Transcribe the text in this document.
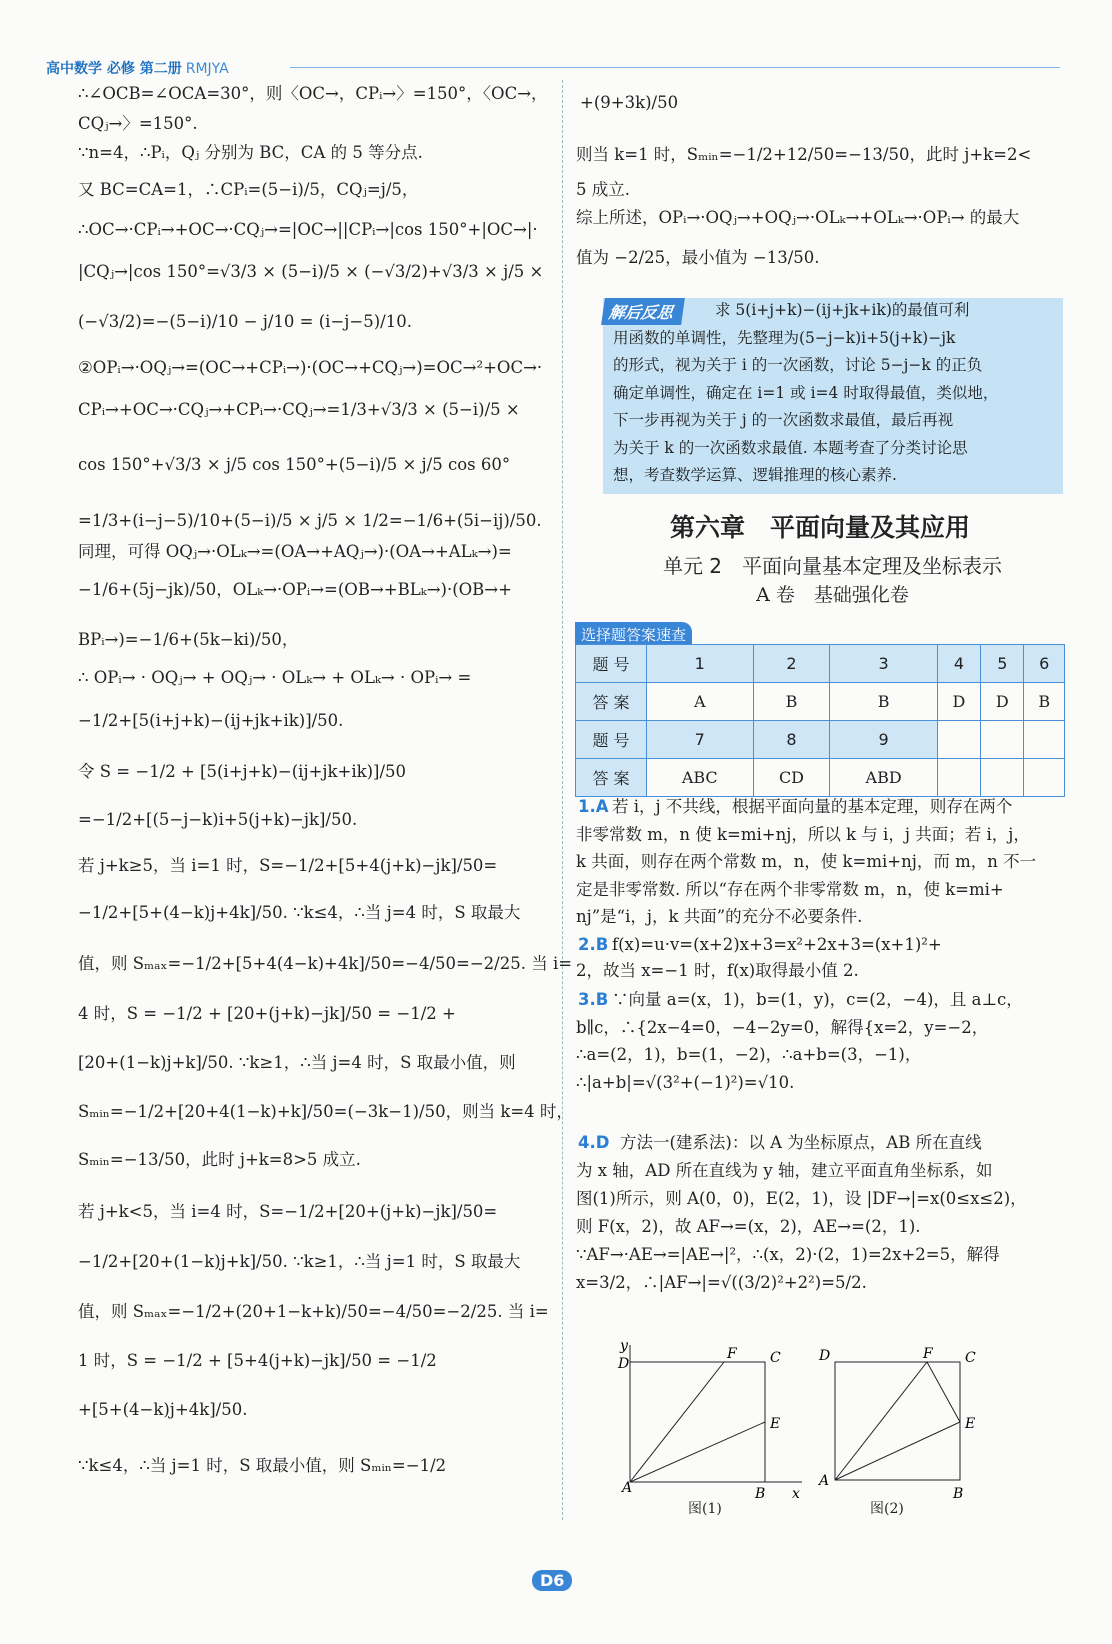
高中数学 必修 第二册 RMJYA
解后反思	求 5(i+j+k)−(ij+jk+ik)的最值可利
用函数的单调性，先整理为(5−j−k)i+5(j+k)−jk
的形式，视为关于 i 的一次函数，讨论 5−j−k 的正负
确定单调性，确定在 i=1 或 i=4 时取得最值，类似地，
下一步再视为关于 j 的一次函数求最值，最后再视
为关于 k 的一次函数求最值. 本题考查了分类讨论思
想，考查数学运算、逻辑推理的核心素养.
第六章　平面向量及其应用
单元 2　平面向量基本定理及坐标表示
A 卷　基础强化卷
选择题答案速查
题 号	1	2	3	4	5	6
答 案	A	B	B	D	D	B
题 号	7	8	9			
答 案	ABC	CD	ABD			
1.A 若 i，j 不共线，根据平面向量的基本定理，则存在两个
非零常数 m，n 使 k=mi+nj，所以 k 与 i，j 共面；若 i，j，
k 共面，则存在两个常数 m，n，使 k=mi+nj，而 m，n 不一
定是非零常数. 所以“存在两个非零常数 m，n，使 k=mi+
nj”是“i，j，k 共面”的充分不必要条件.
2.B f(x)=u·v=(x+2)x+3=x²+2x+3=(x+1)²+
2，故当 x=−1 时，f(x)取得最小值 2.
3.B ∵向量 a=(x，1)，b=(1，y)，c=(2，−4)，且 a⊥c，
b∥c，∴{2x−4=0，−4−2y=0，解得{x=2，y=−2，
∴a=(2，1)，b=(1，−2)，∴a+b=(3，−1)，
∴|a+b|=√(3²+(−1)²)=√10.
4.D 方法一(建系法)：以 A 为坐标原点，AB 所在直线
为 x 轴，AD 所在直线为 y 轴，建立平面直角坐标系，如
图(1)所示，则 A(0，0)，E(2，1)，设 |DF→|=x(0≤x≤2)，
则 F(x，2)，故 AF→=(x，2)，AE→=(2，1).
∵AF→·AE→=|AE→|²，∴(x，2)·(2，1)=2x+2=5，解得
x=3/2，∴|AF→|=√((3/2)²+2²)=5/2.
y
D
F C
E
A	B x
D	F C
E
A
B
图(1)	图(2)
D6
∴∠OCB=∠OCA=30°，则〈OC→，CPᵢ→〉=150°，〈OC→，
CQⱼ→〉=150°.
∵n=4，∴Pᵢ，Qⱼ 分别为 BC，CA 的 5 等分点.
又 BC=CA=1，∴CPᵢ=(5−i)/5，CQⱼ=j/5，
∴OC→·CPᵢ→+OC→·CQⱼ→=|OC→||CPᵢ→|cos 150°+|OC→|·
|CQⱼ→|cos 150°=√3/3 × (5−i)/5 × (−√3/2)+√3/3 × j/5 ×
(−√3/2)=−(5−i)/10 − j/10 = (i−j−5)/10.
②OPᵢ→·OQⱼ→=(OC→+CPᵢ→)·(OC→+CQⱼ→)=OC→²+OC→·
CPᵢ→+OC→·CQⱼ→+CPᵢ→·CQⱼ→=1/3+√3/3 × (5−i)/5 ×
cos 150°+√3/3 × j/5 cos 150°+(5−i)/5 × j/5 cos 60°
=1/3+(i−j−5)/10+(5−i)/5 × j/5 × 1/2=−1/6+(5i−ij)/50.
同理，可得 OQⱼ→·OLₖ→=(OA→+AQⱼ→)·(OA→+ALₖ→)=
−1/6+(5j−jk)/50，OLₖ→·OPᵢ→=(OB→+BLₖ→)·(OB→+
BPᵢ→)=−1/6+(5k−ki)/50，
∴ OPᵢ→ · OQⱼ→ + OQⱼ→ · OLₖ→ + OLₖ→ · OPᵢ→ =
−1/2+[5(i+j+k)−(ij+jk+ik)]/50.
令 S = −1/2 + [5(i+j+k)−(ij+jk+ik)]/50
=−1/2+[(5−j−k)i+5(j+k)−jk]/50.
若 j+k≥5，当 i=1 时，S=−1/2+[5+4(j+k)−jk]/50=
−1/2+[5+(4−k)j+4k]/50. ∵k≤4，∴当 j=4 时，S 取最大
值，则 Sₘₐₓ=−1/2+[5+4(4−k)+4k]/50=−4/50=−2/25. 当 i=
4 时，S = −1/2 + [20+(j+k)−jk]/50 = −1/2 +
[20+(1−k)j+k]/50. ∵k≥1，∴当 j=4 时，S 取最小值，则
Sₘᵢₙ=−1/2+[20+4(1−k)+k]/50=(−3k−1)/50，则当 k=4 时，
Sₘᵢₙ=−13/50，此时 j+k=8>5 成立.
若 j+k<5，当 i=4 时，S=−1/2+[20+(j+k)−jk]/50=
−1/2+[20+(1−k)j+k]/50. ∵k≥1，∴当 j=1 时，S 取最大
值，则 Sₘₐₓ=−1/2+(20+1−k+k)/50=−4/50=−2/25. 当 i=
1 时，S = −1/2 + [5+4(j+k)−jk]/50 = −1/2
+[5+(4−k)j+4k]/50.
∵k≤4，∴当 j=1 时，S 取最小值，则 Sₘᵢₙ=−1/2
+(9+3k)/50
则当 k=1 时，Sₘᵢₙ=−1/2+12/50=−13/50，此时 j+k=2<
5 成立.
综上所述，OPᵢ→·OQⱼ→+OQⱼ→·OLₖ→+OLₖ→·OPᵢ→ 的最大
值为 −2/25，最小值为 −13/50.
